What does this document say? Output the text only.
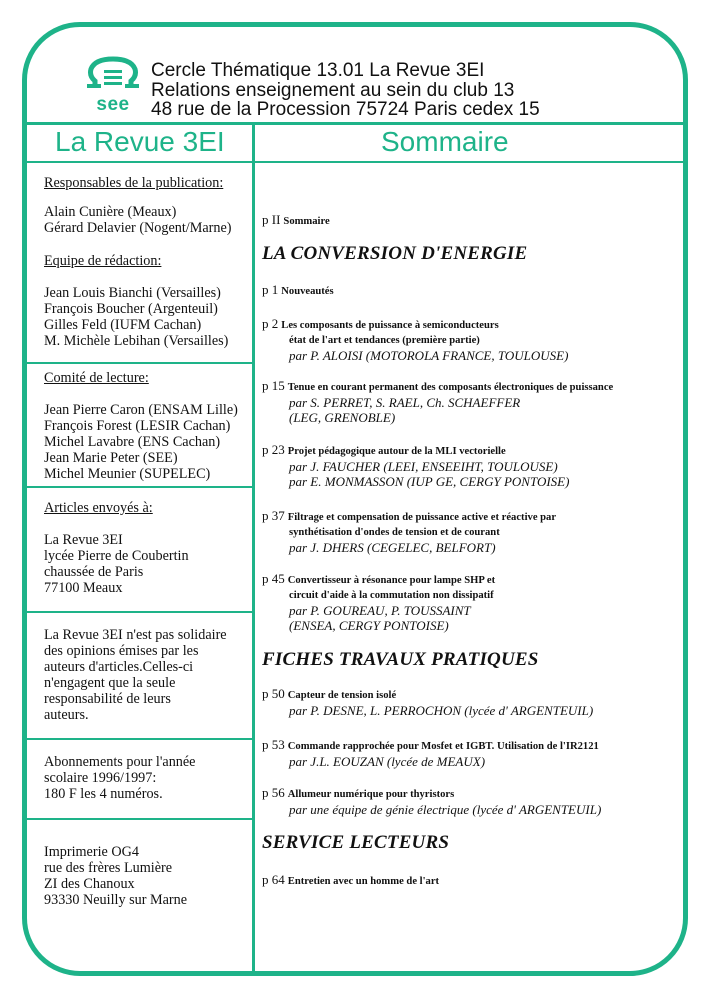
see
Cercle Thématique 13.01 La Revue 3EI
Relations enseignement au sein du club 13
48 rue de la Procession 75724 Paris cedex 15
La Revue 3EI	Sommaire

Responsables de la publication:

Alain Cunière (Meaux)

Gérard Delavier (Nogent/Marne)

Equipe de rédaction:

Jean Louis Bianchi (Versailles)

François Boucher (Argenteuil)

Gilles Feld (IUFM Cachan)

M. Michèle Lebihan (Versailles)

Comité de lecture:

Jean Pierre Caron (ENSAM Lille)

François Forest (LESIR Cachan)

Michel Lavabre (ENS Cachan)

Jean Marie Peter (SEE)

Michel Meunier (SUPELEC)

Articles envoyés à:

La Revue 3EI

lycée Pierre de Coubertin

chaussée de Paris

77100 Meaux

La Revue 3EI n'est pas solidaire

des opinions émises par les

auteurs d'articles.Celles-ci

n'engagent que la seule

responsabilité de leurs

auteurs.

Abonnements pour l'année

scolaire 1996/1997:

180 F les 4 numéros.

Imprimerie OG4

rue des frères Lumière

ZI des Chanoux

93330 Neuilly sur Marne

p II Sommaire
LA CONVERSION D'ENERGIE
p 1 Nouveautés
p 2 Les composants de puissance à semiconducteurs
état de l'art et tendances (première partie)
par P. ALOISI (MOTOROLA FRANCE, TOULOUSE)
p 15 Tenue en courant permanent des composants électroniques de puissance
par S. PERRET, S. RAEL, Ch. SCHAEFFER
(LEG, GRENOBLE)
p 23 Projet pédagogique autour de la MLI vectorielle
par J. FAUCHER (LEEI, ENSEEIHT, TOULOUSE)
par E. MONMASSON (IUP GE, CERGY PONTOISE)
p 37 Filtrage et compensation de puissance active et réactive par
synthétisation d'ondes de tension et de courant
par J. DHERS (CEGELEC, BELFORT)
p 45 Convertisseur à résonance pour lampe SHP et
circuit d'aide à la commutation non dissipatif
par P. GOUREAU, P. TOUSSAINT
(ENSEA, CERGY PONTOISE)
FICHES TRAVAUX PRATIQUES
p 50 Capteur de tension isolé
par P. DESNE, L. PERROCHON (lycée d' ARGENTEUIL)
p 53 Commande rapprochée pour Mosfet et IGBT. Utilisation de l'IR2121
par J.L. EOUZAN (lycée de MEAUX)
p 56 Allumeur numérique pour thyristors
par une équipe de génie électrique (lycée d' ARGENTEUIL)
SERVICE LECTEURS
p 64 Entretien avec un homme de l'art
